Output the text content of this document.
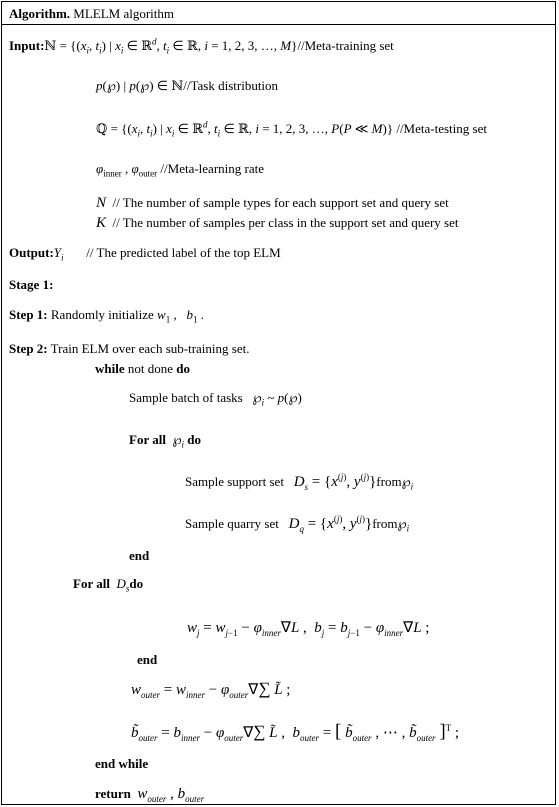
Algorithm. MLELM algorithm
Input:ℕ = {($x_i$, $t_i$) | $x_i$ ∈ ℝ$^d$, $t_i$ ∈ ℝ, i = 1, 2, 3, …, M}//Meta-training set
p(℘) | p(℘) ∈ ℕ//Task distribution
ℚ = {($x_i$, $t_i$) | $x_i$ ∈ ℝ$^d$, $t_i$ ∈ ℝ, i = 1, 2, 3, …, P(P ≪ M)} //Meta-testing set
$\varphi_{inner}$ , $\varphi_{outer}$ //Meta-learning rate
N // The number of sample types for each support set and query set
K // The number of samples per class in the support set and query set
$Output:Y_i$ // The predicted label of the top ELM
Stage 1:
Step 1: Randomly initialize $w_1$ ,   $b_1$ .
Step 2: Train ELM over each sub-training set.
while not done do
Sample batch of tasks $℘_i$ ~ p(℘)
For all $℘_i$ do
Sample support set $D_s = \{x^{(j)}$, $y^{(j)}\}from℘_i$
Sample quarry set $D_q = \{x^{(j)}$, $y^{(j)}\}from℘_i$
end
For all $D_sdo$
$w_j = w_{j-1} - \varphi_{inner}\nabla L$ ,  $b_j = b_{j-1} - \varphi_{inner}\nabla L$ ;
end
$w_{outer} = w_{inner} - \varphi_{outer}\nabla\sum$ L̃ ;
$b̃_{outer} = b_{inner} - \varphi_{outer}\nabla\sum$ L̃ ,  $b_{outer}$ = [ $b̃_{outer}$ , ⋯ , $b̃_{outer}$ ]$^T$ ;
end while
return $w_{outer}$ , $b_{outer}$
